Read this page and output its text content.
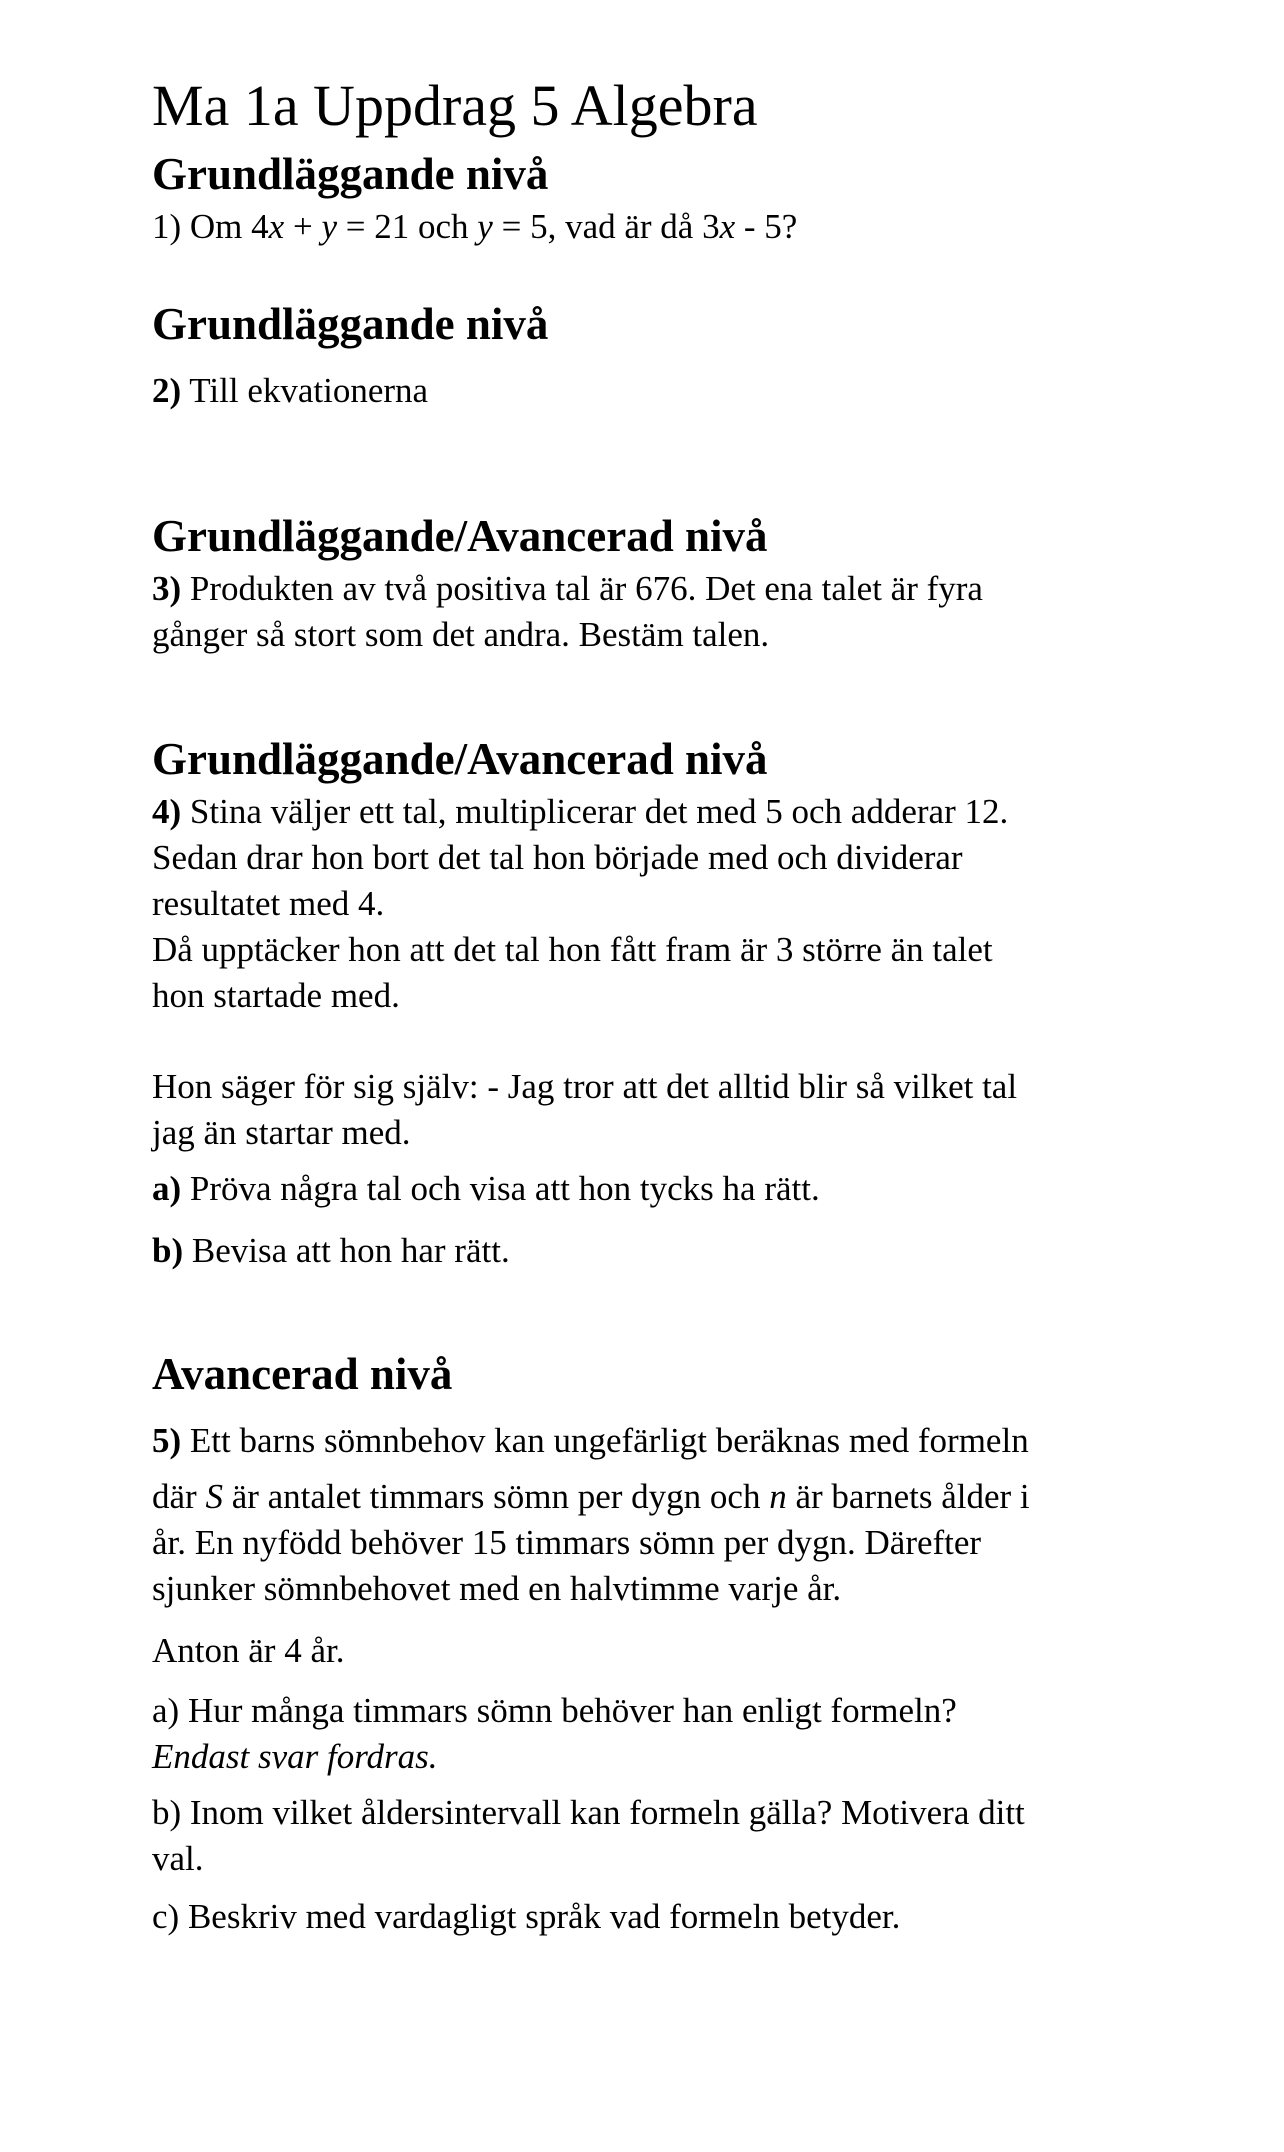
Ma 1a Uppdrag 5 Algebra
Grundläggande nivå

1) Om 4x + y = 21 och y = 5, vad är då 3x - 5?

Grundläggande nivå

2) Till ekvationerna

Grundläggande/Avancerad nivå

3) Produkten av två positiva tal är 676. Det ena talet är fyra
gånger så stort som det andra. Bestäm talen.

Grundläggande/Avancerad nivå

4) Stina väljer ett tal, multiplicerar det med 5 och adderar 12.
Sedan drar hon bort det tal hon började med och dividerar
resultatet med 4.
Då upptäcker hon att det tal hon fått fram är 3 större än talet
hon startade med.

Hon säger för sig själv: - Jag tror att det alltid blir så vilket tal
jag än startar med.

a) Pröva några tal och visa att hon tycks ha rätt.

b) Bevisa att hon har rätt.

Avancerad nivå

5) Ett barns sömnbehov kan ungefärligt beräknas med formeln

där S är antalet timmars sömn per dygn och n är barnets ålder i
år. En nyfödd behöver 15 timmars sömn per dygn. Därefter
sjunker sömnbehovet med en halvtimme varje år.

Anton är 4 år.

a) Hur många timmars sömn behöver han enligt formeln?
Endast svar fordras.

b) Inom vilket åldersintervall kan formeln gälla? Motivera ditt
val.

c) Beskriv med vardagligt språk vad formeln betyder.
